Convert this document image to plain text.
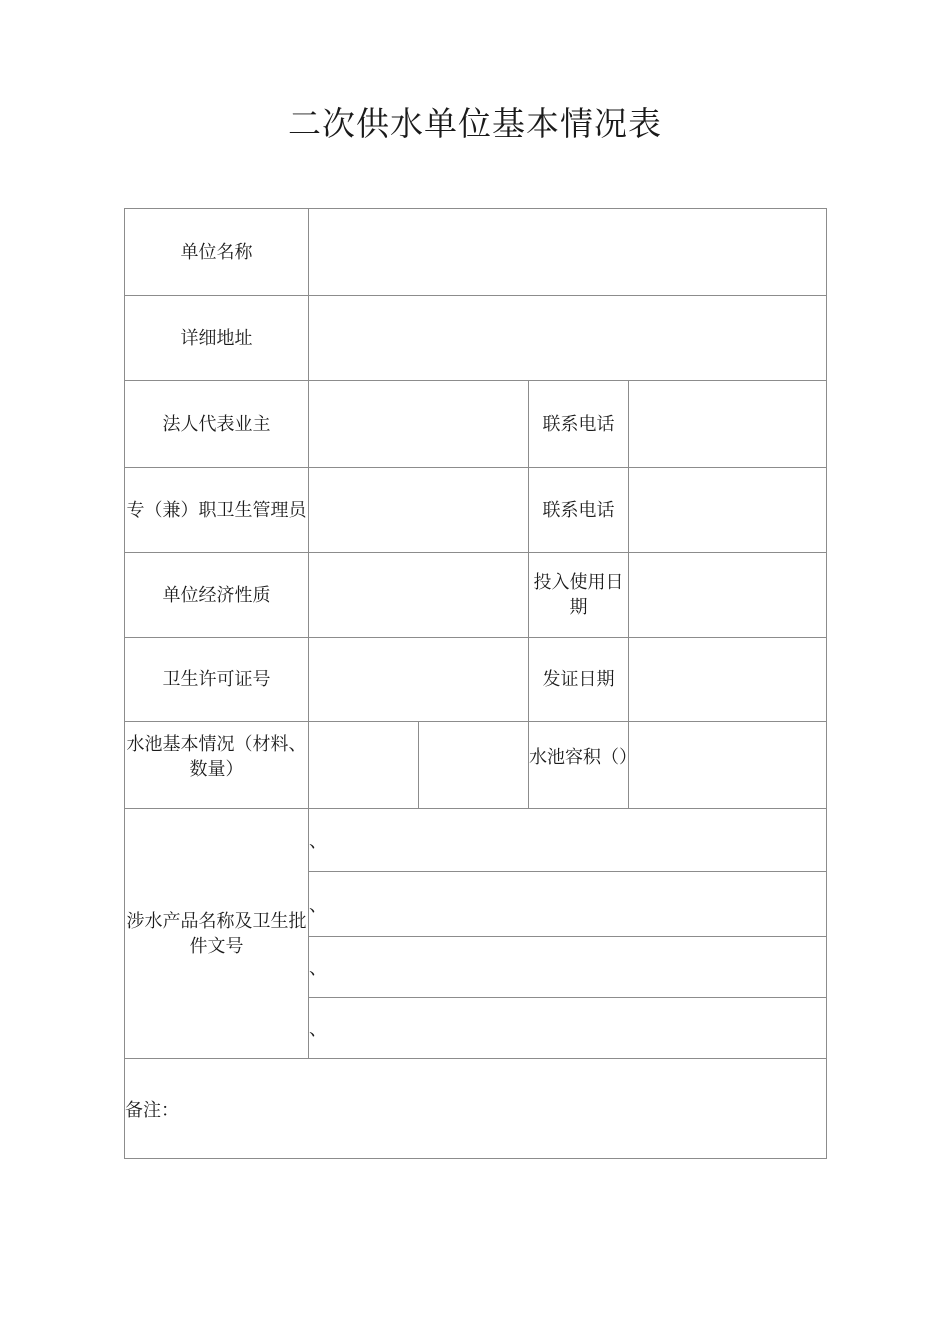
二次供水单位基本情况表
单位名称				
详细地址				
法人代表业主			联系电话	
专（兼）职卫生管理员			联系电话	
单位经济性质			投入使用日期	
卫生许可证号			发证日期	

水池基本情况（材料、数量）			水池容积（）	

涉水产品名称及卫生批件文号	、			
	、			
	、			
	、			
备注：				
